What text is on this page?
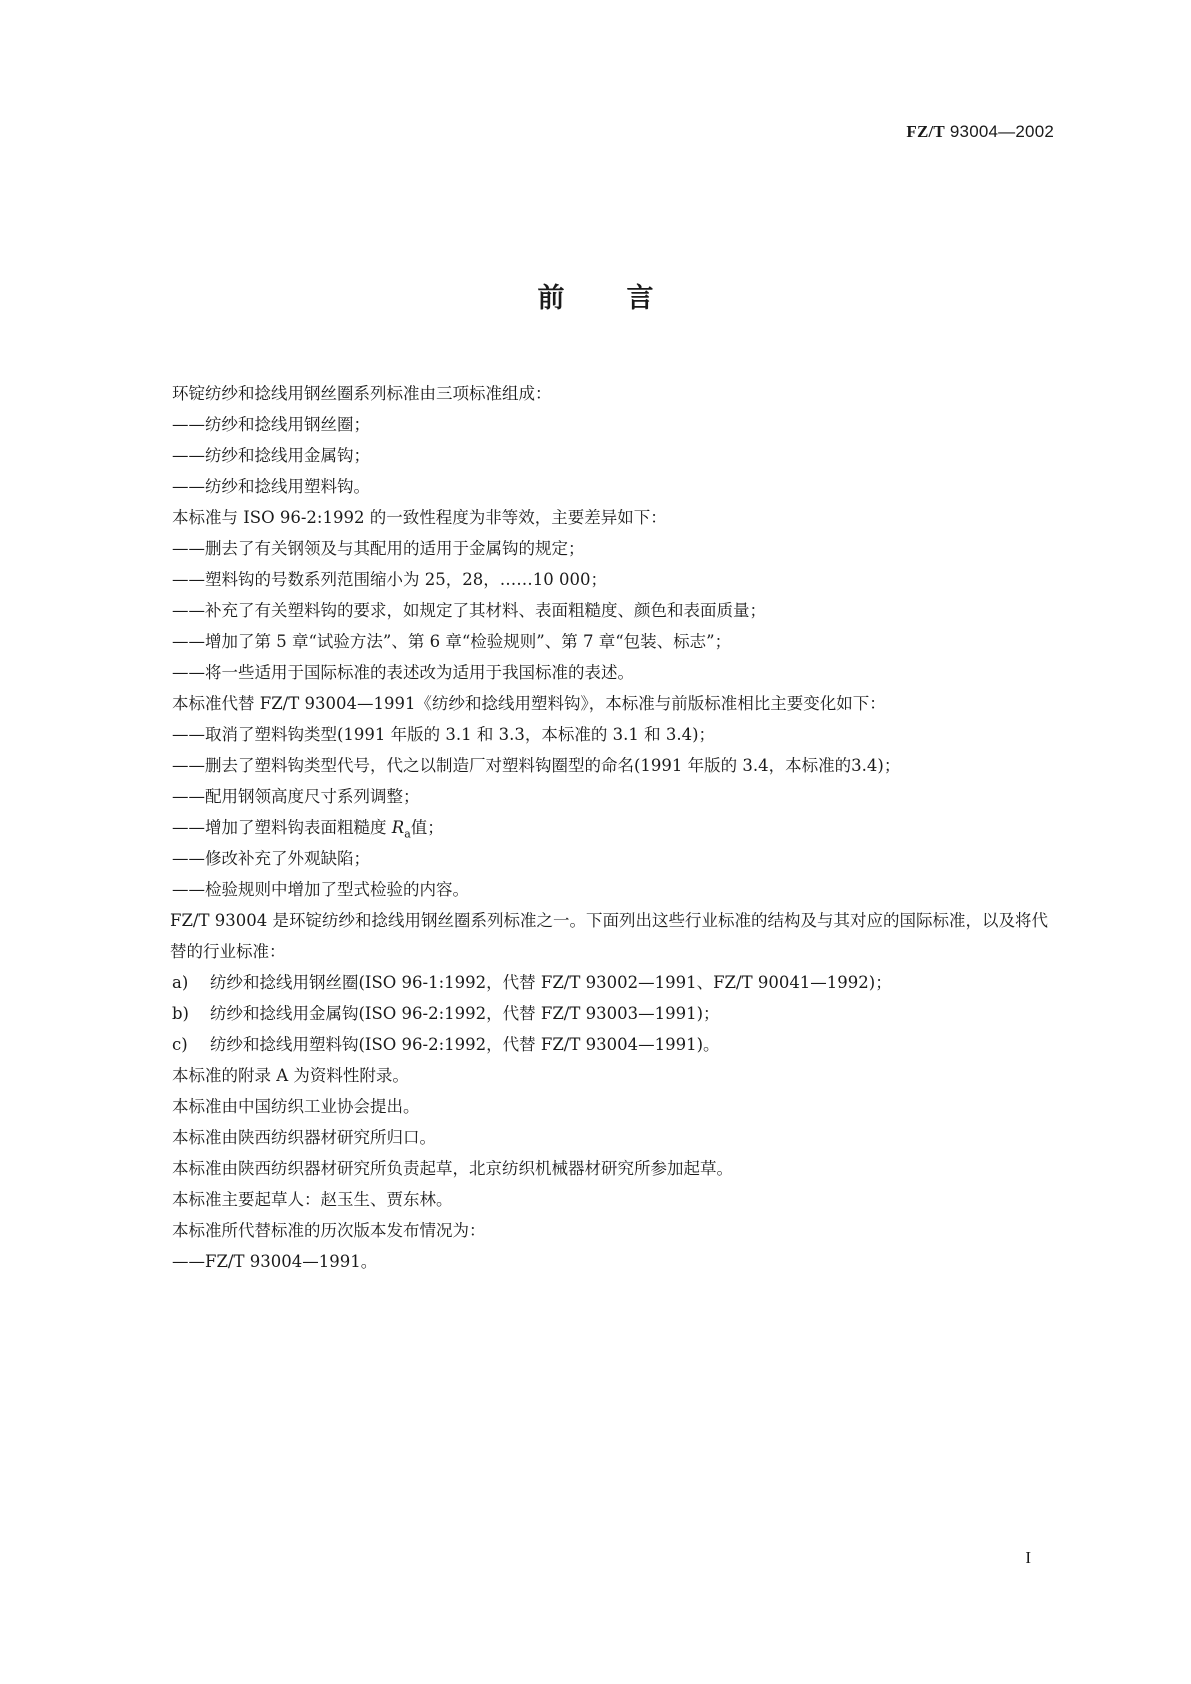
FZ/T 93004—2002
前 言
环锭纺纱和捻线用钢丝圈系列标准由三项标准组成：
——纺纱和捻线用钢丝圈；
——纺纱和捻线用金属钩；
——纺纱和捻线用塑料钩。
本标准与 ISO 96-2:1992 的一致性程度为非等效，主要差异如下：
——删去了有关钢领及与其配用的适用于金属钩的规定；
——塑料钩的号数系列范围缩小为 25，28，……10 000；
——补充了有关塑料钩的要求，如规定了其材料、表面粗糙度、颜色和表面质量；
——增加了第 5 章“试验方法”、第 6 章“检验规则”、第 7 章“包装、标志”；
——将一些适用于国际标准的表述改为适用于我国标准的表述。
本标准代替 FZ/T 93004—1991《纺纱和捻线用塑料钩》，本标准与前版标准相比主要变化如下：
——取消了塑料钩类型(1991 年版的 3.1 和 3.3，本标准的 3.1 和 3.4)；
——删去了塑料钩类型代号，代之以制造厂对塑料钩圈型的命名(1991 年版的 3.4，本标准的3.4)；
——配用钢领高度尺寸系列调整；
——增加了塑料钩表面粗糙度 $R_a$值；
——修改补充了外观缺陷；
——检验规则中增加了型式检验的内容。
FZ/T 93004 是环锭纺纱和捻线用钢丝圈系列标准之一。下面列出这些行业标准的结构及与其对应的国际标准，以及将代替的行业标准：
a) 纺纱和捻线用钢丝圈(ISO 96-1:1992，代替 FZ/T 93002—1991、FZ/T 90041—1992)；
b) 纺纱和捻线用金属钩(ISO 96-2:1992，代替 FZ/T 93003—1991)；
c) 纺纱和捻线用塑料钩(ISO 96-2:1992，代替 FZ/T 93004—1991)。
本标准的附录 A 为资料性附录。
本标准由中国纺织工业协会提出。
本标准由陕西纺织器材研究所归口。
本标准由陕西纺织器材研究所负责起草，北京纺织机械器材研究所参加起草。
本标准主要起草人：赵玉生、贾东林。
本标准所代替标准的历次版本发布情况为：
——FZ/T 93004—1991。
I
